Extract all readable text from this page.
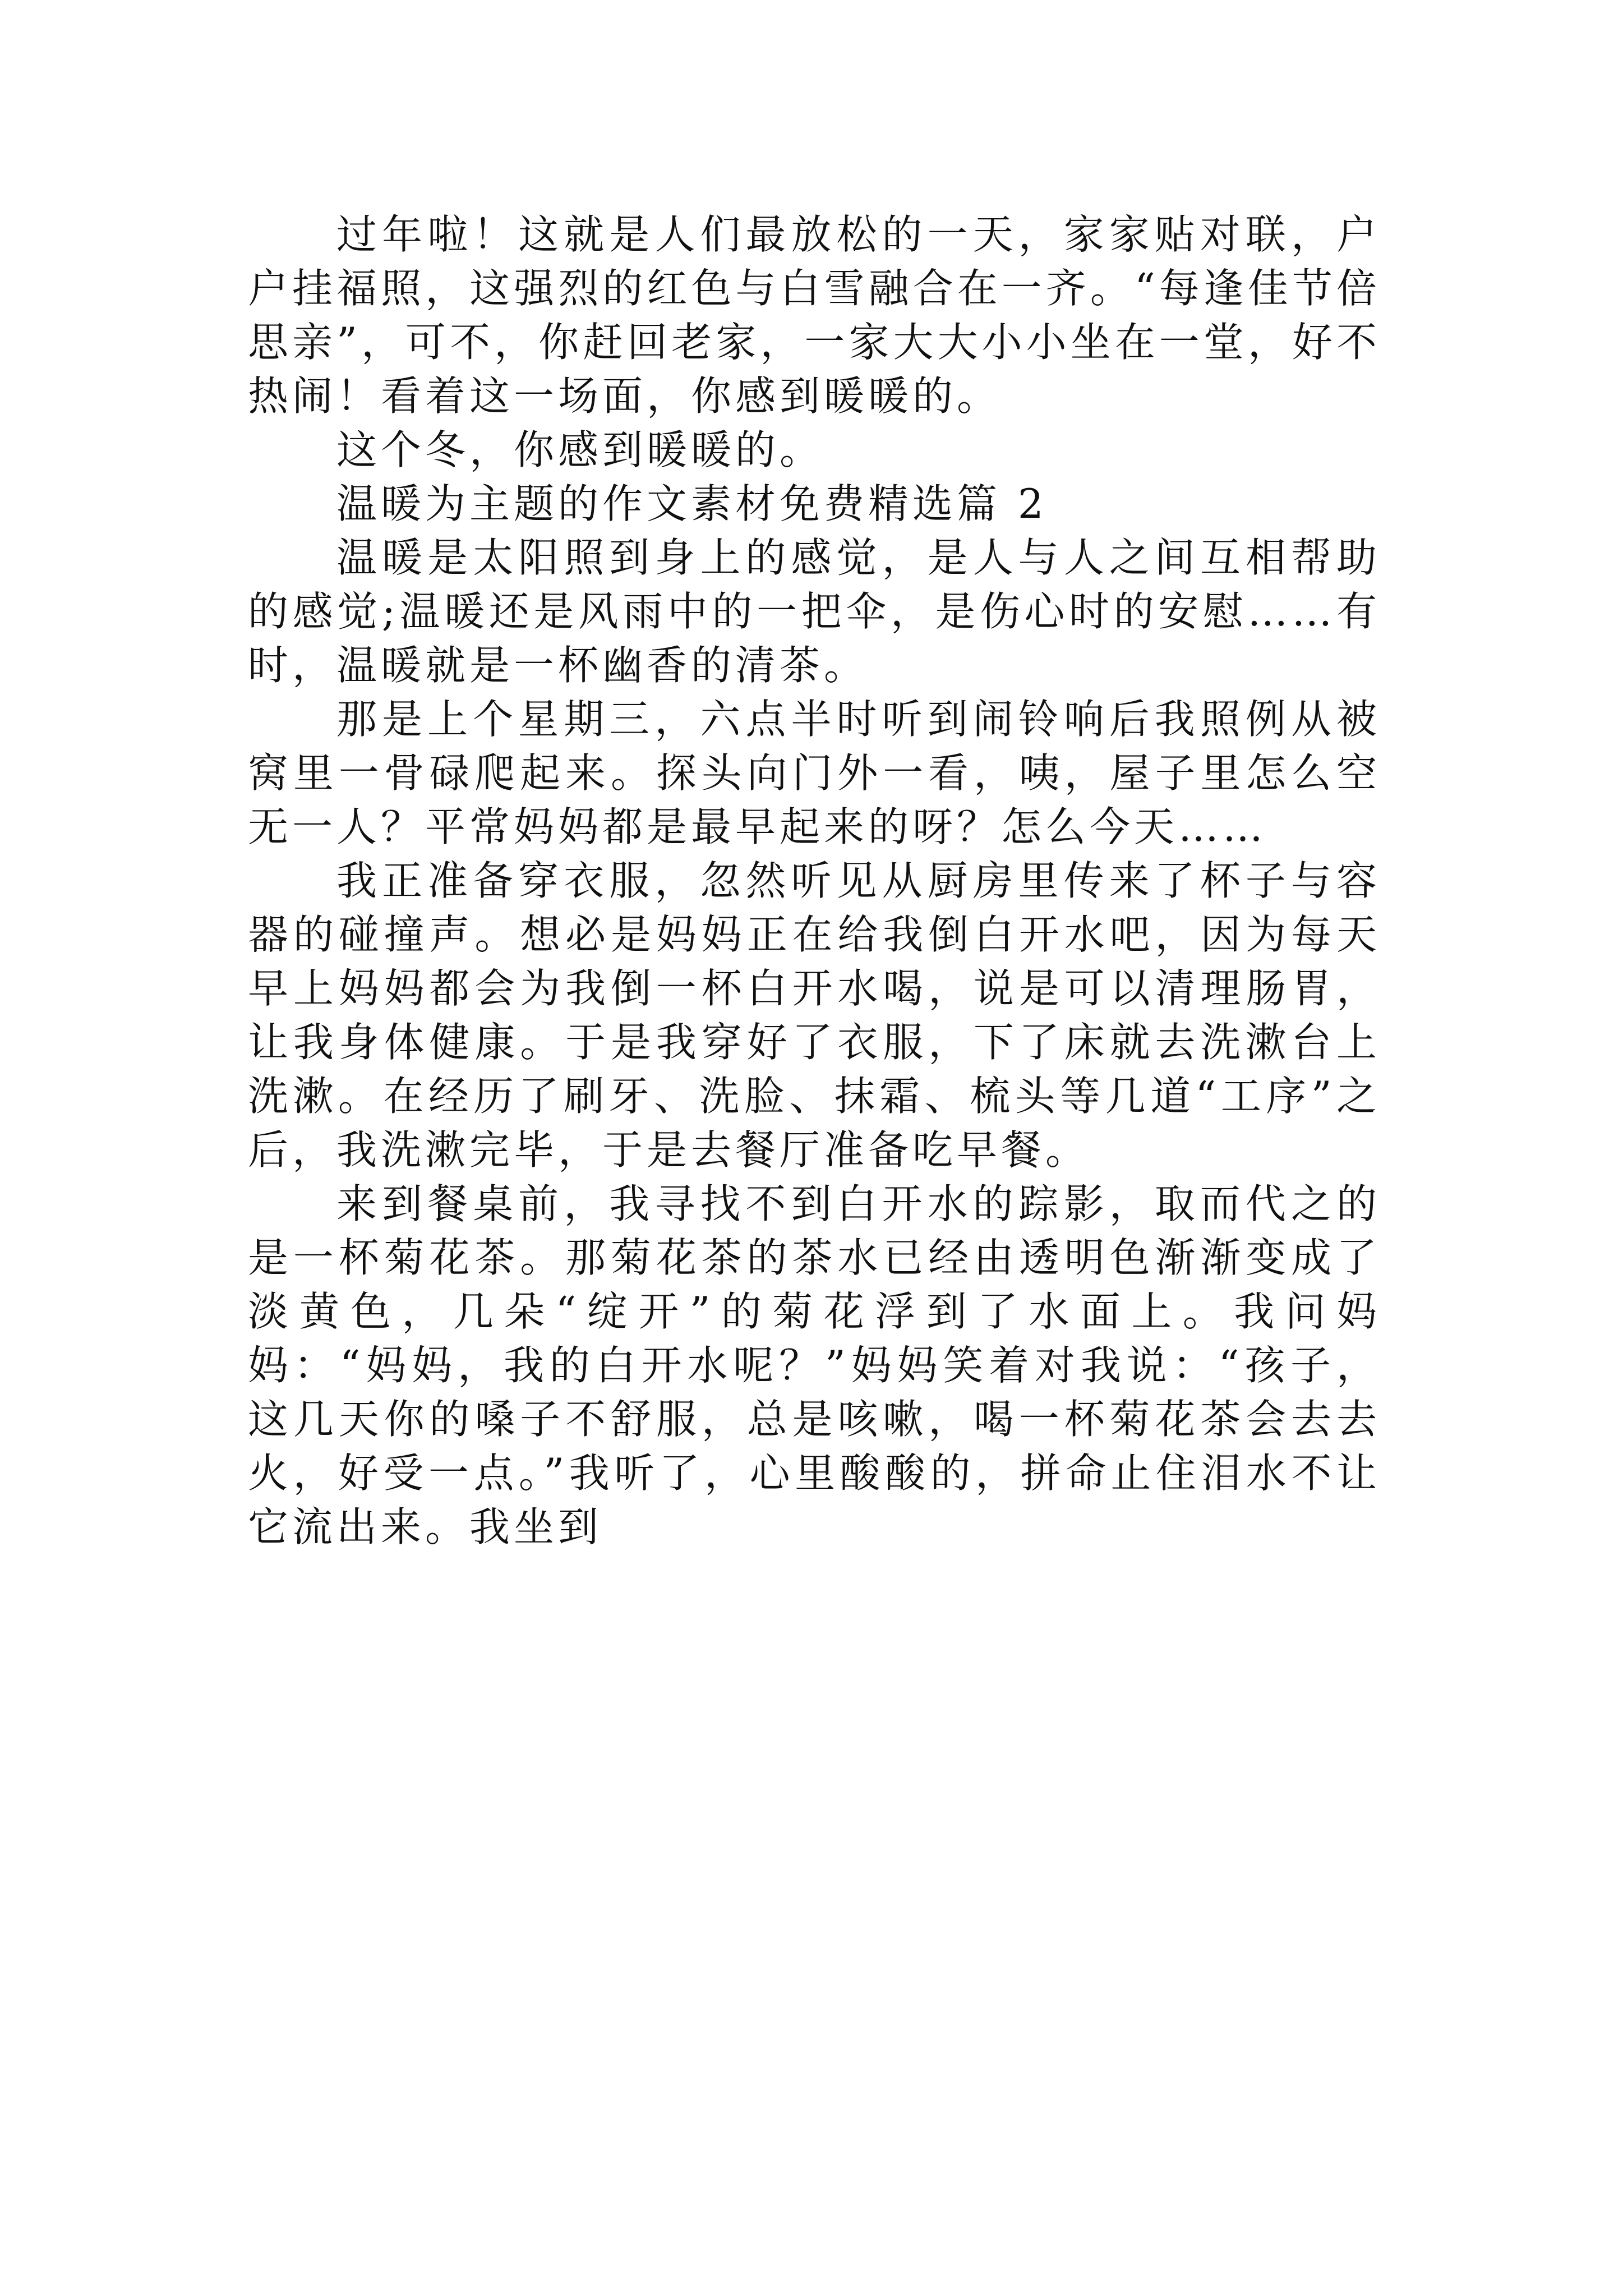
过年啦！这就是人们最放松的一天，家家贴对联，户户挂福照，这强烈的红色与白雪融合在一齐。“每逢佳节倍思亲”，可不，你赶回老家，一家大大小小坐在一堂，好不热闹！看着这一场面，你感到暖暖的。

这个冬，你感到暖暖的。

温暖为主题的作文素材免费精选篇 2

温暖是太阳照到身上的感觉，是人与人之间互相帮助的感觉;温暖还是风雨中的一把伞，是伤心时的安慰……有时，温暖就是一杯幽香的清茶。

那是上个星期三，六点半时听到闹铃响后我照例从被窝里一骨碌爬起来。探头向门外一看，咦，屋子里怎么空无一人？平常妈妈都是最早起来的呀？怎么今天……

我正准备穿衣服，忽然听见从厨房里传来了杯子与容器的碰撞声。想必是妈妈正在给我倒白开水吧，因为每天早上妈妈都会为我倒一杯白开水喝，说是可以清理肠胃，让我身体健康。于是我穿好了衣服，下了床就去洗漱台上洗漱。在经历了刷牙、洗脸、抹霜、梳头等几道“工序”之后，我洗漱完毕，于是去餐厅准备吃早餐。

来到餐桌前，我寻找不到白开水的踪影，取而代之的是一杯菊花茶。那菊花茶的茶水已经由透明色渐渐变成了淡黄色，几朵“绽开”的菊花浮到了水面上。我问妈妈：“妈妈，我的白开水呢？”妈妈笑着对我说：“孩子，这几天你的嗓子不舒服，总是咳嗽，喝一杯菊花茶会去去火，好受一点。”我听了，心里酸酸的，拼命止住泪水不让它流出来。我坐到
